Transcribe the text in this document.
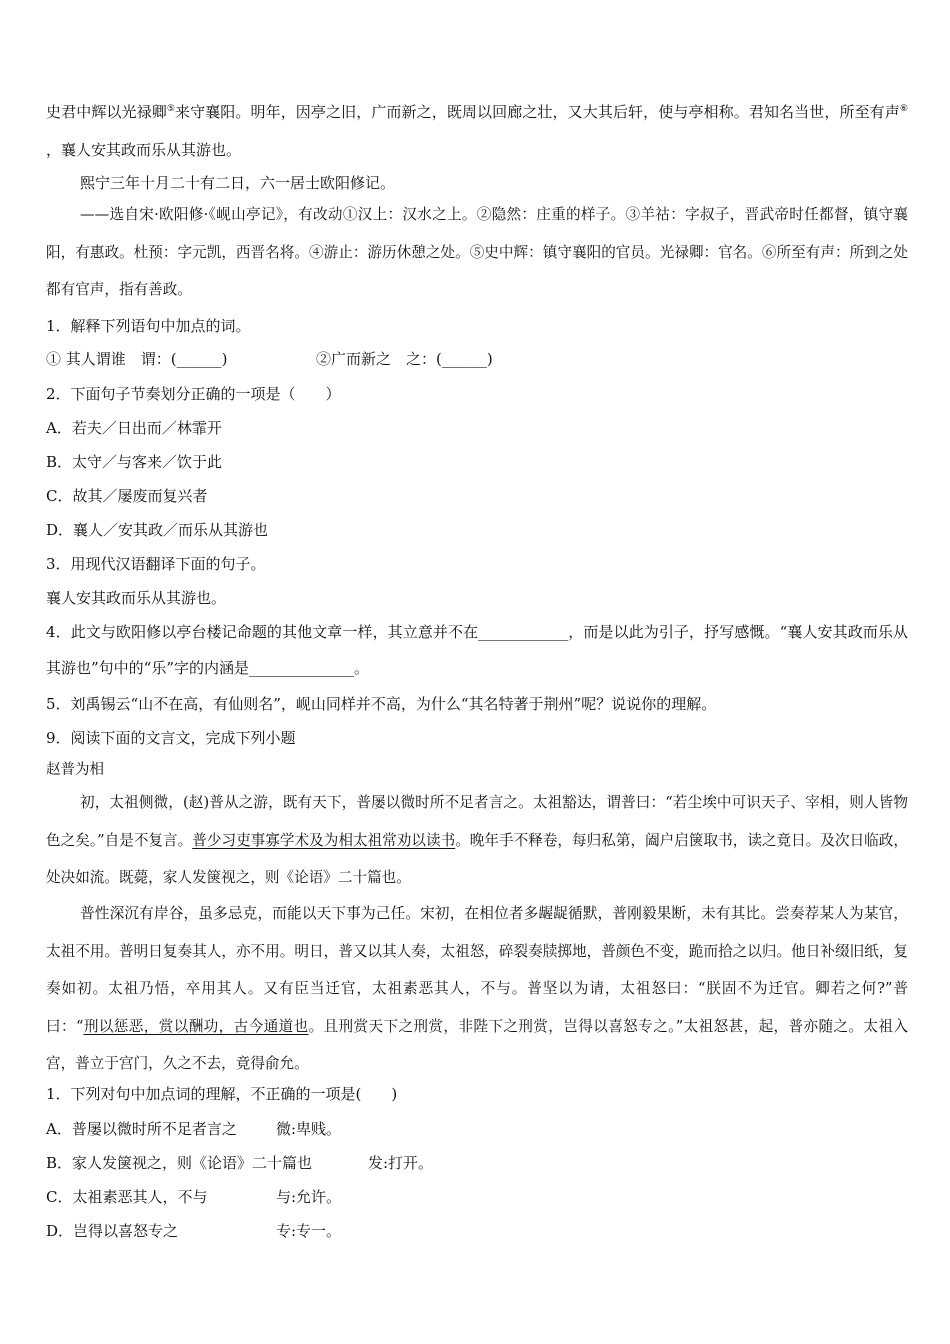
史君中辉以光禄卿⑤来守襄阳。明年，因亭之旧，广而新之，既周以回廊之壮，又大其后轩，使与亭相称。君知名当世，所至有声⑥，襄人安其政而乐从其游也。
熙宁三年十月二十有二日，六一居士欧阳修记。
——选自宋·欧阳修·《岘山亭记》，有改动①汉上：汉水之上。②隐然：庄重的样子。③羊祜：字叔子，晋武帝时任都督，镇守襄阳，有惠政。杜预：字元凯，西晋名将。④游止：游历休憩之处。⑤史中辉：镇守襄阳的官员。光禄卿：官名。⑥所至有声：所到之处都有官声，指有善政。
1．解释下列语句中加点的词。
① 其人谓谁　谓：(______)	②广而新之　之：(______)
2．下面句子节奏划分正确的一项是（　　）
A．若夫／日出而／林霏开
B．太守／与客来／饮于此
C．故其／屡废而复兴者
D．襄人／安其政／而乐从其游也
3．用现代汉语翻译下面的句子。
襄人安其政而乐从其游也。
4．此文与欧阳修以亭台楼记命题的其他文章一样，其立意并不在____________，而是以此为引子，抒写感慨。“襄人安其政而乐从其游也”句中的“乐”字的内涵是______________。
5．刘禹锡云“山不在高，有仙则名”，岘山同样并不高，为什么“其名特著于荆州”呢？说说你的理解。
9．阅读下面的文言文，完成下列小题
赵普为相
初，太祖侧微，(赵)普从之游，既有天下，普屡以微时所不足者言之。太祖豁达，谓普曰：“若尘埃中可识天子、宰相，则人皆物色之矣。”自是不复言。普少习吏事寡学术及为相太祖常劝以读书。晚年手不释卷，每归私第，阖户启箧取书，读之竟日。及次日临政，处决如流。既薨，家人发箧视之，则《论语》二十篇也。
普性深沉有岸谷，虽多忌克，而能以天下事为己任。宋初，在相位者多龌龊循默，普刚毅果断，未有其比。尝奏荐某人为某官，太祖不用。普明日复奏其人，亦不用。明日，普又以其人奏，太祖怒，碎裂奏牍掷地，普颜色不变，跪而拾之以归。他日补缀旧纸，复奏如初。太祖乃悟，卒用其人。又有臣当迁官，太祖素恶其人，不与。普坚以为请，太祖怒曰：“朕固不为迁官。卿若之何?”普曰：“刑以惩恶，赏以酬功，古今通道也。且刑赏天下之刑赏，非陛下之刑赏，岂得以喜怒专之。”太祖怒甚，起，普亦随之。太祖入宫，普立于宫门，久之不去，竟得俞允。
1．下列对句中加点词的理解，不正确的一项是(　　)
A．普屡以微时所不足者言之	微:卑贱。
B．家人发箧视之，则《论语》二十篇也	发:打开。
C．太祖素恶其人，不与	与:允许。
D．岂得以喜怒专之	专:专一。
